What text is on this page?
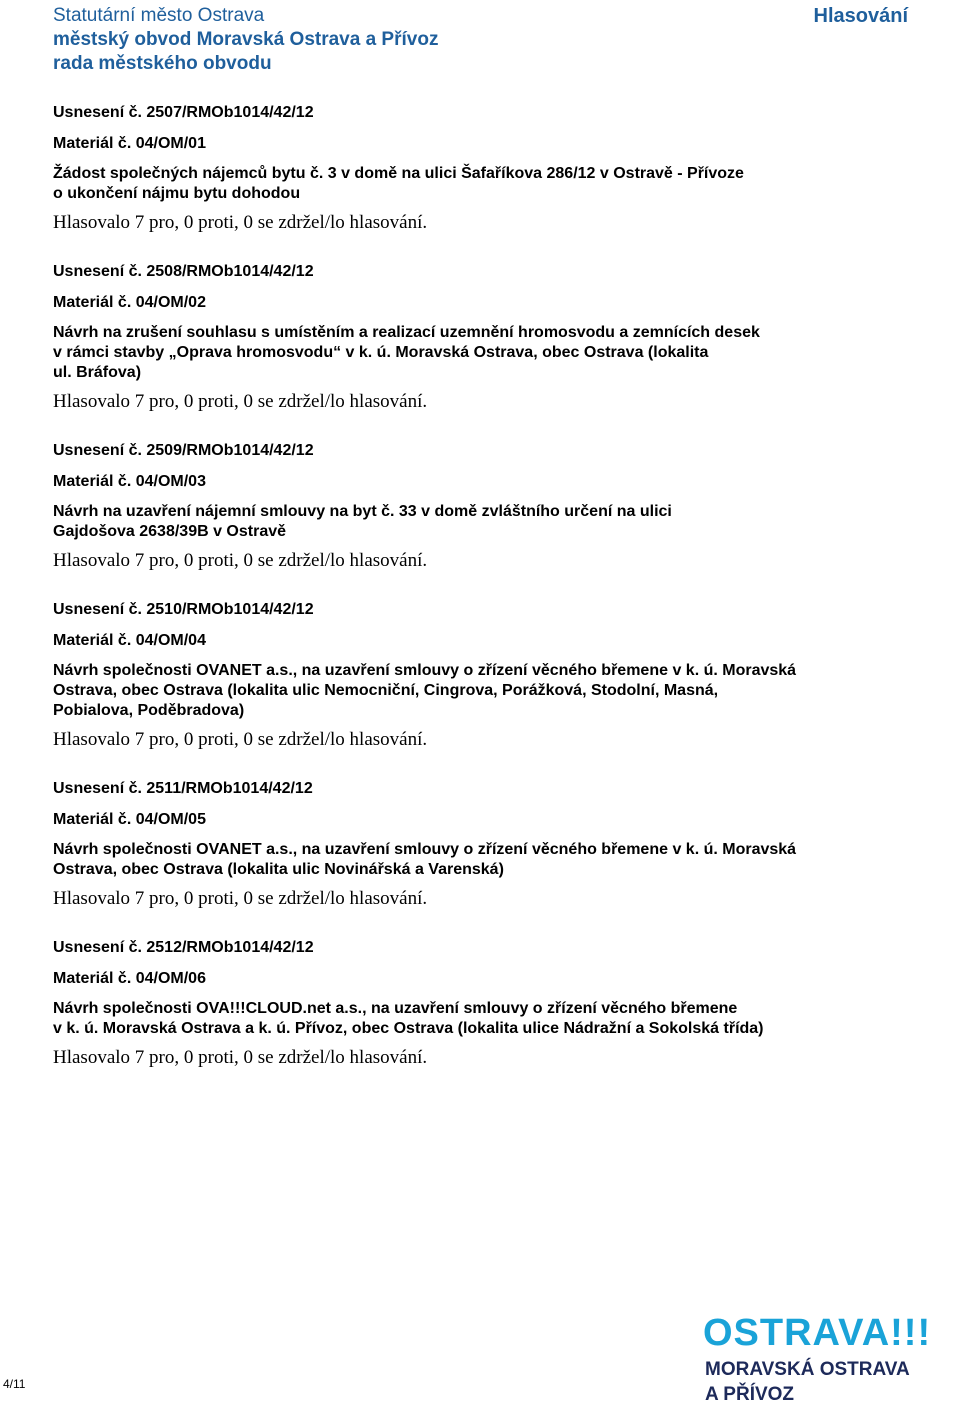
Statutární město Ostrava
městský obvod Moravská Ostrava a Přívoz
rada městského obvodu
Hlasování
Usnesení č. 2507/RMOb1014/42/12
Materiál č. 04/OM/01
Žádost společných nájemců bytu č. 3 v domě na ulici Šafaříkova 286/12 v Ostravě - Přívoze
o ukončení nájmu bytu dohodou
Hlasovalo 7 pro, 0 proti, 0 se zdržel/lo hlasování.
Usnesení č. 2508/RMOb1014/42/12
Materiál č. 04/OM/02
Návrh na zrušení souhlasu s umístěním a realizací uzemnění hromosvodu a zemnících desek
v rámci stavby „Oprava hromosvodu“ v k. ú. Moravská Ostrava, obec Ostrava (lokalita
ul. Bráfova)
Hlasovalo 7 pro, 0 proti, 0 se zdržel/lo hlasování.
Usnesení č. 2509/RMOb1014/42/12
Materiál č. 04/OM/03
Návrh na uzavření nájemní smlouvy na byt č. 33 v domě zvláštního určení na ulici
Gajdošova 2638/39B v Ostravě
Hlasovalo 7 pro, 0 proti, 0 se zdržel/lo hlasování.
Usnesení č. 2510/RMOb1014/42/12
Materiál č. 04/OM/04
Návrh společnosti OVANET a.s., na uzavření smlouvy o zřízení věcného břemene v k. ú. Moravská
Ostrava, obec Ostrava (lokalita ulic Nemocniční, Cingrova, Porážková, Stodolní, Masná,
Pobialova, Poděbradova)
Hlasovalo 7 pro, 0 proti, 0 se zdržel/lo hlasování.
Usnesení č. 2511/RMOb1014/42/12
Materiál č. 04/OM/05
Návrh společnosti OVANET a.s., na uzavření smlouvy o zřízení věcného břemene v k. ú. Moravská
Ostrava, obec Ostrava (lokalita ulic Novinářská a Varenská)
Hlasovalo 7 pro, 0 proti, 0 se zdržel/lo hlasování.
Usnesení č. 2512/RMOb1014/42/12
Materiál č. 04/OM/06
Návrh společnosti OVA!!!CLOUD.net a.s., na uzavření smlouvy o zřízení věcného břemene
v k. ú. Moravská Ostrava a k. ú. Přívoz, obec Ostrava (lokalita ulice Nádražní a Sokolská třída)
Hlasovalo 7 pro, 0 proti, 0 se zdržel/lo hlasování.
4/11
OSTRAVA!!!
MORAVSKÁ OSTRAVA
A PŘÍVOZ
